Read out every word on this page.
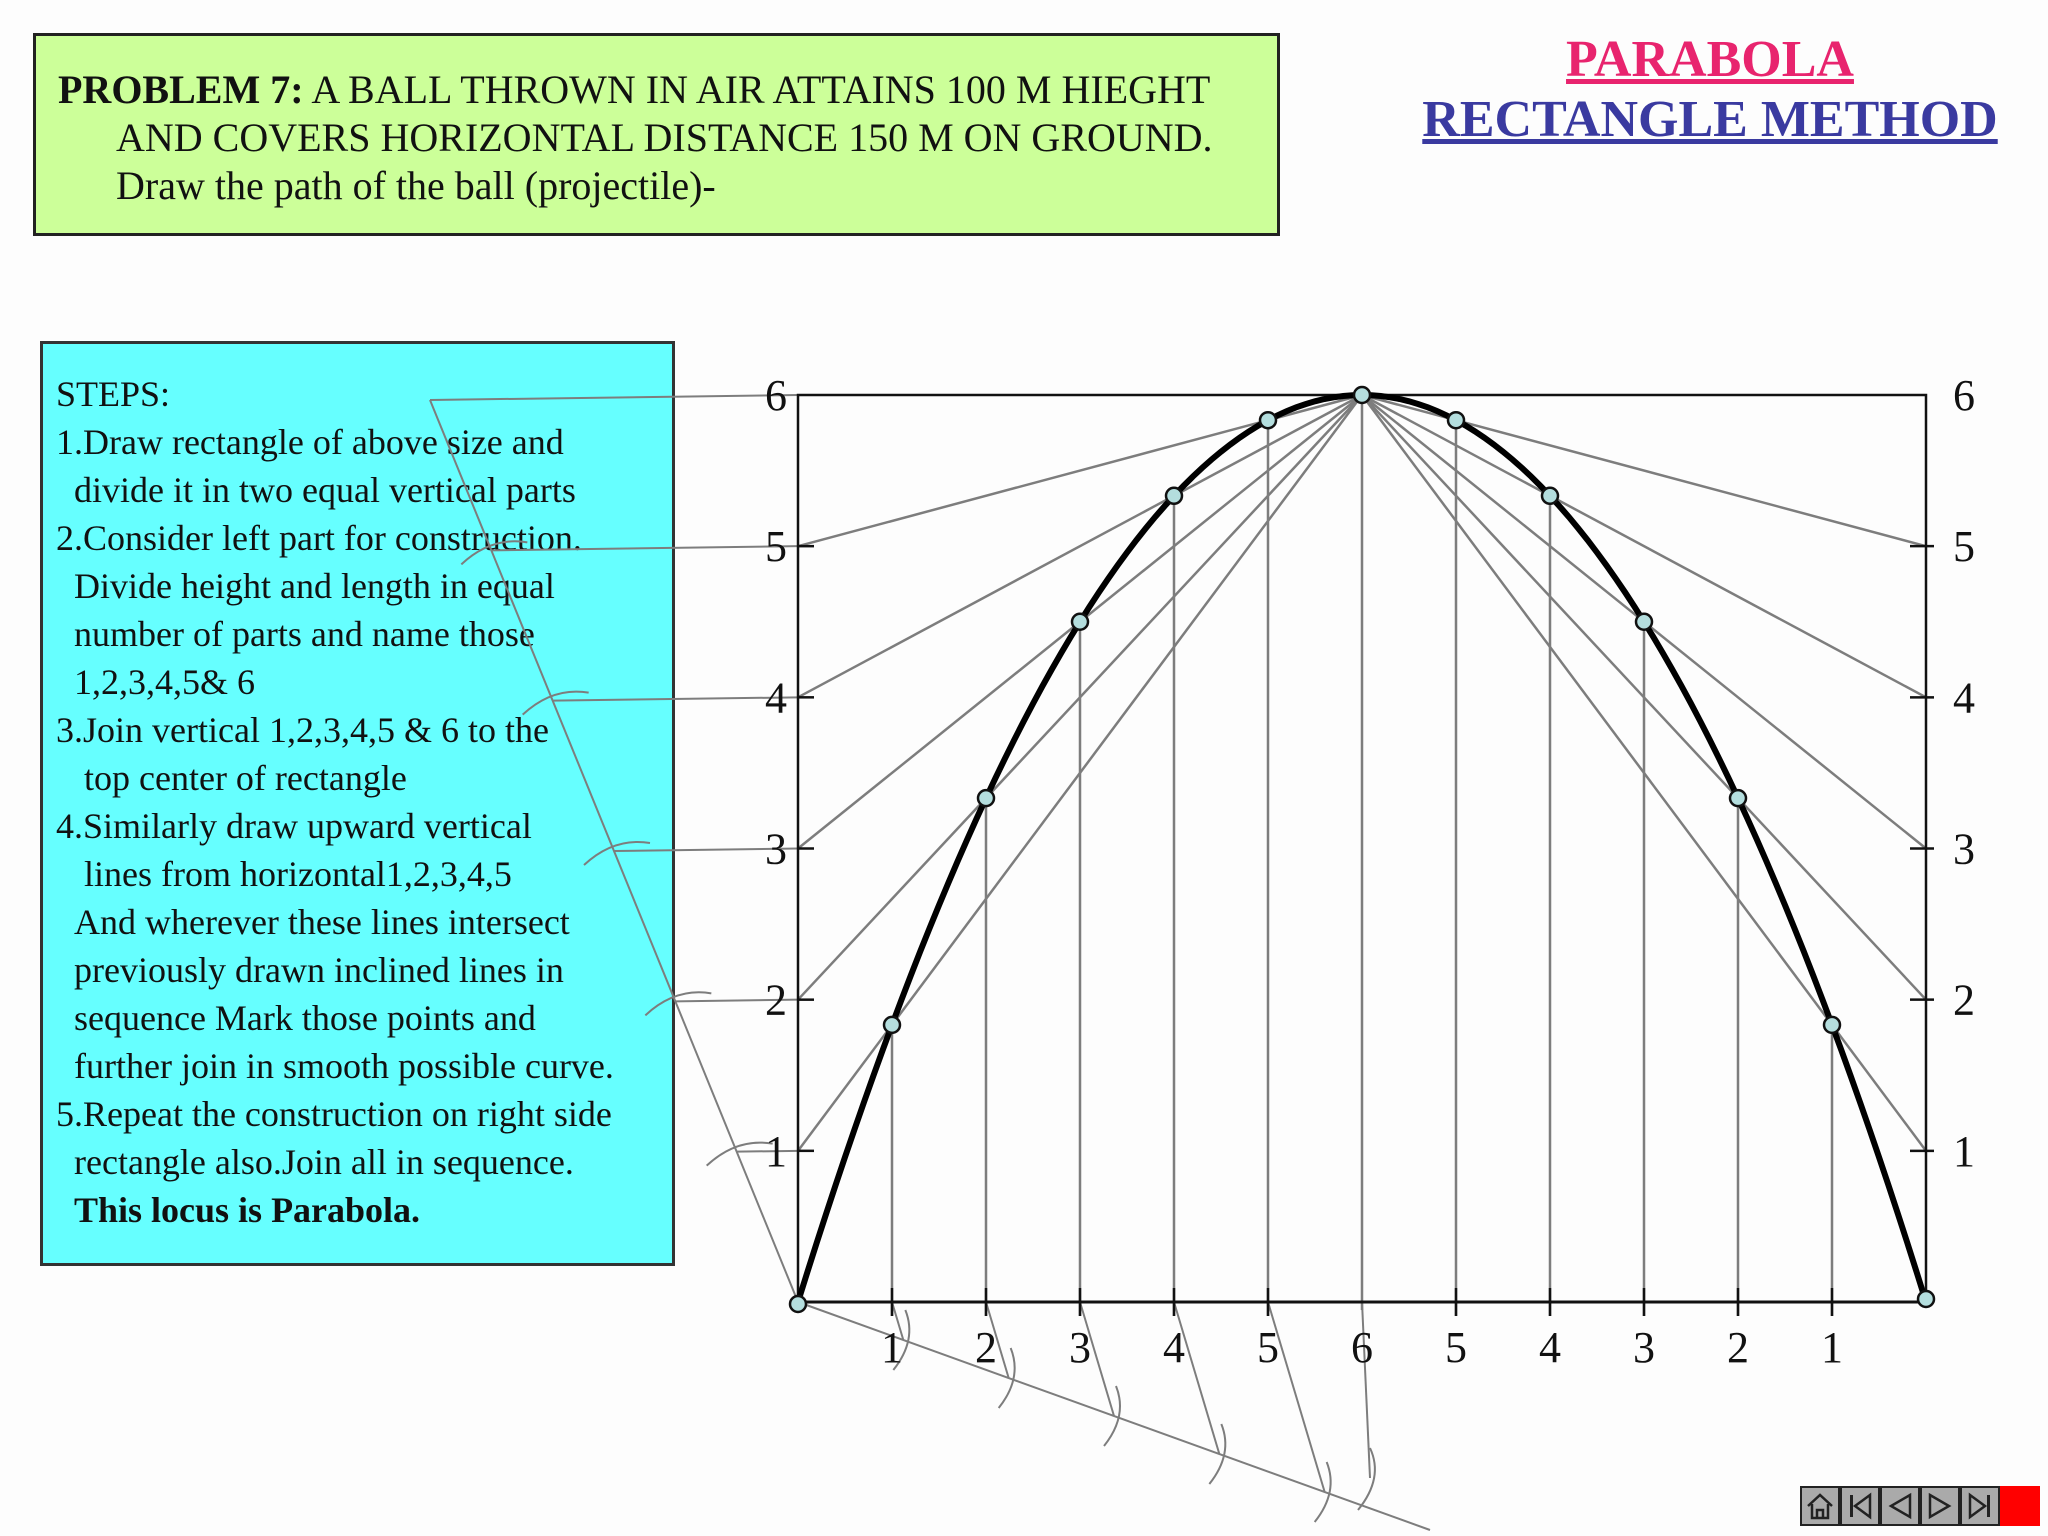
PROBLEM 7: A BALL THROWN IN AIR ATTAINS 100 M HIEGHT
AND COVERS HORIZONTAL DISTANCE 150 M ON GROUND.
Draw the path of the ball (projectile)-
PARABOLA
RECTANGLE METHOD
STEPS:
1.Draw rectangle of above size and
divide it in two equal vertical parts
2.Consider left part for construction.
Divide height and length in equal
number of parts and name those
1,2,3,4,5& 6
3.Join vertical 1,2,3,4,5 & 6 to the
top center of rectangle
4.Similarly draw upward vertical
lines from horizontal1,2,3,4,5
And wherever these lines intersect
previously drawn inclined lines in
sequence Mark those points and
further join in smooth possible curve.
5.Repeat the construction on right side
rectangle also.Join all in sequence.
This locus is Parabola.
1
2
3
4
5
6
1
2
3
4
5
6
1 2 3 4 5 6 5 4 3 2 1
